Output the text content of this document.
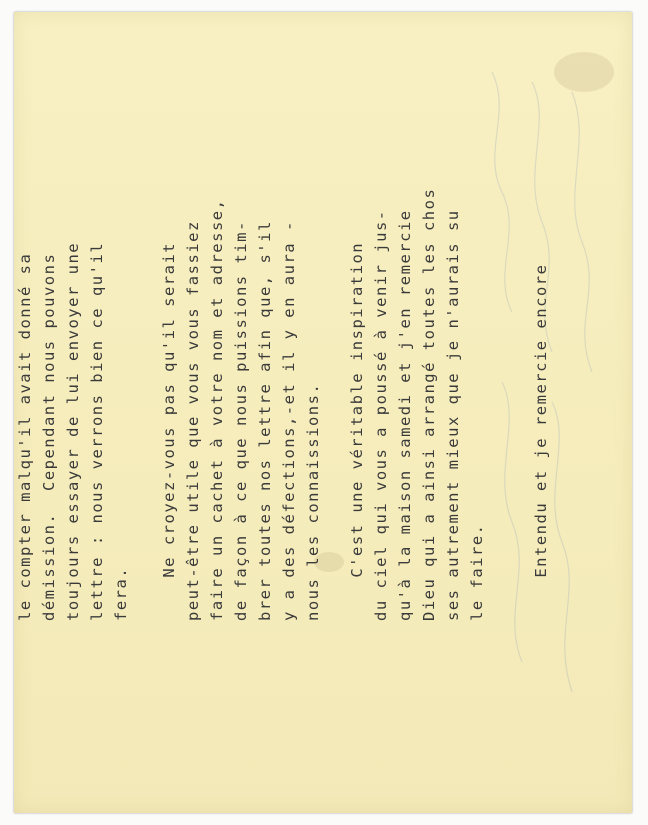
le compter malqu'il avait donné sa démission.  Cependant nous pouvons toujours essayer de lui envoyer une lettre : nous verrons bien ce qu'il fera. Ne croyez-vous pas qu'il serait peut-être utile que vous vous fassiez faire un cachet à votre nom et adresse, de façon à ce que nous puissions tim- brer toutes nos lettre afin que, s'il y a des défections,-et il y en aura - nous les connaissions. C'est une véritable inspiration du ciel qui vous a poussé à venir jus- qu'à la maison samedi et j'en remercie Dieu qui a ainsi arrangé toutes les chos ses autrement mieux que je n'aurais su le faire.	Entendu et je remercie encore
